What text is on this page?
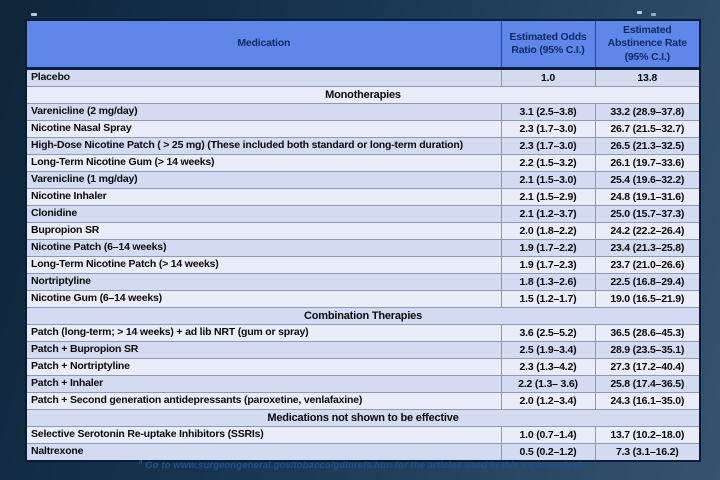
Medication	Estimated Odds Ratio (95% C.I.)	Estimated Abstinence Rate (95% C.I.)
Placebo	1.0	13.8
Monotherapies		
Varenicline (2 mg/day)	3.1 (2.5–3.8)	33.2 (28.9–37.8)
Nicotine Nasal Spray	2.3 (1.7–3.0)	26.7 (21.5–32.7)
High-Dose Nicotine Patch ( > 25 mg) (These included both standard or long-term duration)	2.3 (1.7–3.0)	26.5 (21.3–32.5)
Long-Term Nicotine Gum (> 14 weeks)	2.2 (1.5–3.2)	26.1 (19.7–33.6)
Varenicline (1 mg/day)	2.1 (1.5–3.0)	25.4 (19.6–32.2)
Nicotine Inhaler	2.1 (1.5–2.9)	24.8 (19.1–31.6)
Clonidine	2.1 (1.2–3.7)	25.0 (15.7–37.3)
Bupropion SR	2.0 (1.8–2.2)	24.2 (22.2–26.4)
Nicotine Patch (6–14 weeks)	1.9 (1.7–2.2)	23.4 (21.3–25.8)
Long-Term Nicotine Patch (> 14 weeks)	1.9 (1.7–2.3)	23.7 (21.0–26.6)
Nortriptyline	1.8 (1.3–2.6)	22.5 (16.8–29.4)
Nicotine Gum (6–14 weeks)	1.5 (1.2–1.7)	19.0 (16.5–21.9)
Combination Therapies		
Patch (long-term; > 14 weeks) + ad lib NRT (gum or spray)	3.6 (2.5–5.2)	36.5 (28.6–45.3)
Patch + Bupropion SR	2.5 (1.9–3.4)	28.9 (23.5–35.1)
Patch + Nortriptyline	2.3 (1.3–4.2)	27.3 (17.2–40.4)
Patch + Inhaler	2.2 (1.3– 3.6)	25.8 (17.4–36.5)
Patch + Second generation antidepressants (paroxetine, venlafaxine)	2.0 (1.2–3.4)	24.3 (16.1–35.0)
Medications not shown to be effective		
Selective Serotonin Re-uptake Inhibitors (SSRIs)	1.0 (0.7–1.4)	13.7 (10.2–18.0)
Naltrexone	0.5 (0.2–1.2)	7.3 (3.1–16.2)
$^a$ Go to www.surgeongeneral.gov/tobacco/gdlnrefs.htm for the articles used in this meta-analysis
